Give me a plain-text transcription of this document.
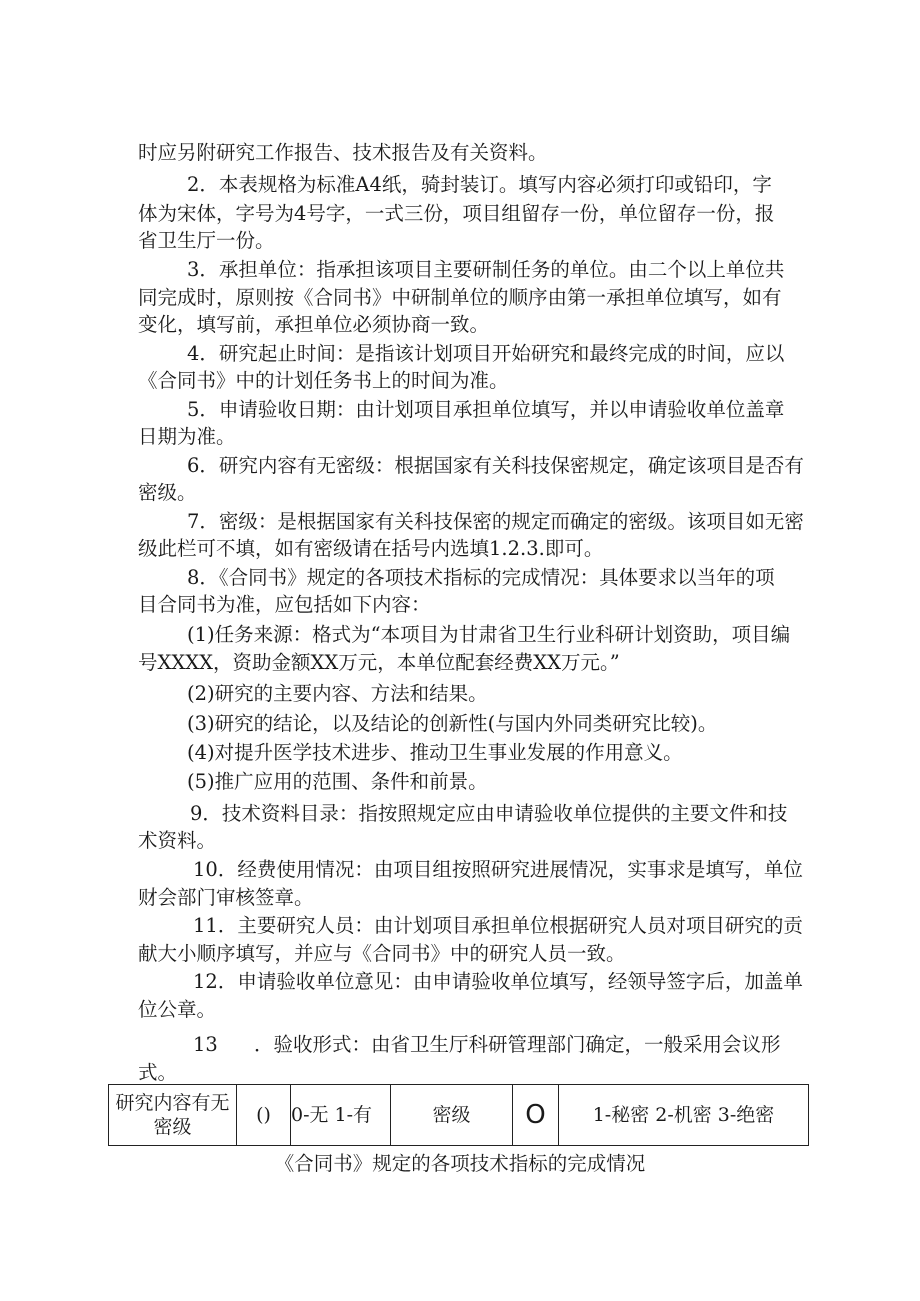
时应另附研究工作报告、技术报告及有关资料。
2．本表规格为标准A4纸，骑封装订。填写内容必须打印或铅印，字
体为宋体，字号为4号字，一式三份，项目组留存一份，单位留存一份，报
省卫生厅一份。
3．承担单位：指承担该项目主要研制任务的单位。由二个以上单位共
同完成时，原则按《合同书》中研制单位的顺序由第一承担单位填写，如有
变化，填写前，承担单位必须协商一致。
4．研究起止时间：是指该计划项目开始研究和最终完成的时间，应以
《合同书》中的计划任务书上的时间为准。
5．申请验收日期：由计划项目承担单位填写，并以申请验收单位盖章
日期为准。
6．研究内容有无密级：根据国家有关科技保密规定，确定该项目是否有
密级。
7．密级：是根据国家有关科技保密的规定而确定的密级。该项目如无密
级此栏可不填，如有密级请在括号内选填1.2.3.即可。
8．《合同书》规定的各项技术指标的完成情况：具体要求以当年的项
目合同书为准，应包括如下内容：
(1)任务来源：格式为“本项目为甘肃省卫生行业科研计划资助，项目编
号XXXX，资助金额XX万元，本单位配套经费XX万元。”
(2)研究的主要内容、方法和结果。
(3)研究的结论，以及结论的创新性(与国内外同类研究比较)。
(4)对提升医学技术进步、推动卫生事业发展的作用意义。
(5)推广应用的范围、条件和前景。
9．技术资料目录：指按照规定应由申请验收单位提供的主要文件和技
术资料。
10．经费使用情况：由项目组按照研究进展情况，实事求是填写，单位
财会部门审核签章。
11．主要研究人员：由计划项目承担单位根据研究人员对项目研究的贡
献大小顺序填写，并应与《合同书》中的研究人员一致。
12．申请验收单位意见：由申请验收单位填写，经领导签字后，加盖单
位公章。
13	．验收形式：由省卫生厅科研管理部门确定，一般采用会议形
式。
研究内容有无
密级
	()	0-无 1-有	密级	O	1-秘密 2-机密 3-绝密
《合同书》规定的各项技术指标的完成情况
